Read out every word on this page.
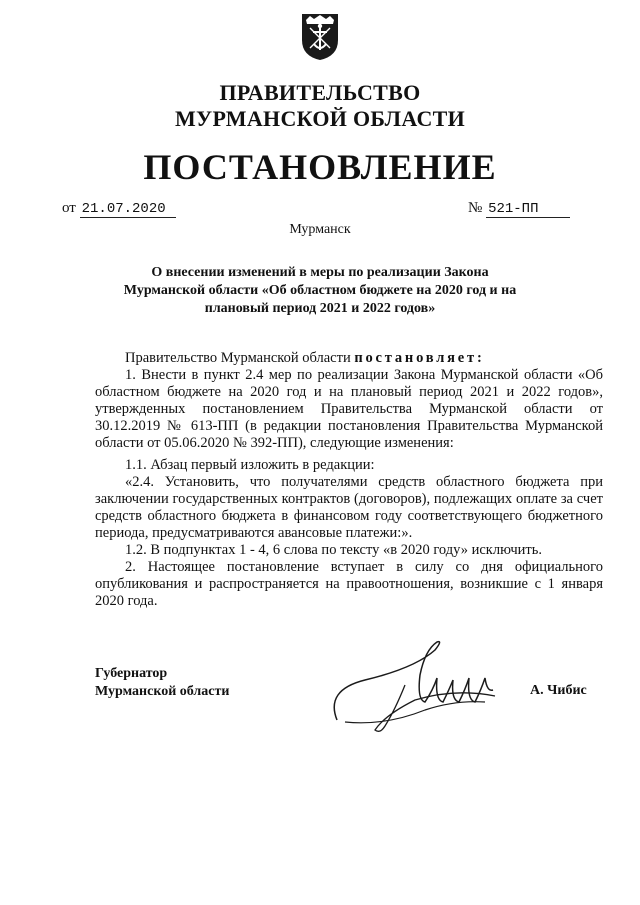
ПРАВИТЕЛЬСТВО
МУРМАНСКОЙ ОБЛАСТИ
ПОСТАНОВЛЕНИЕ
от 21.07.2020	№ 521-ПП
Мурманск
О внесении изменений в меры по реализации Закона Мурманской области «Об областном бюджете на 2020 год и на плановый период 2021 и 2022 годов»

Правительство Мурманской области постановляет:

1. Внести в пункт 2.4 мер по реализации Закона Мурманской области «Об областном бюджете на 2020 год и на плановый период 2021 и 2022 годов», утвержденных постановлением Правительства Мурманской области от 30.12.2019 № 613-ПП (в редакции постановления Правительства Мурманской области от 05.06.2020 № 392-ПП), следующие изменения:

1.1. Абзац первый изложить в редакции:

«2.4. Установить, что получателями средств областного бюджета при заключении государственных контрактов (договоров), подлежащих оплате за счет средств областного бюджета в финансовом году соответствующего бюджетного периода, предусматриваются авансовые платежи:».

1.2. В подпунктах 1 - 4, 6 слова по тексту «в 2020 году» исключить.

2. Настоящее постановление вступает в силу со дня официального опубликования и распространяется на правоотношения, возникшие с 1 января 2020 года.

Губернатор
Мурманской области	А. Чибис
